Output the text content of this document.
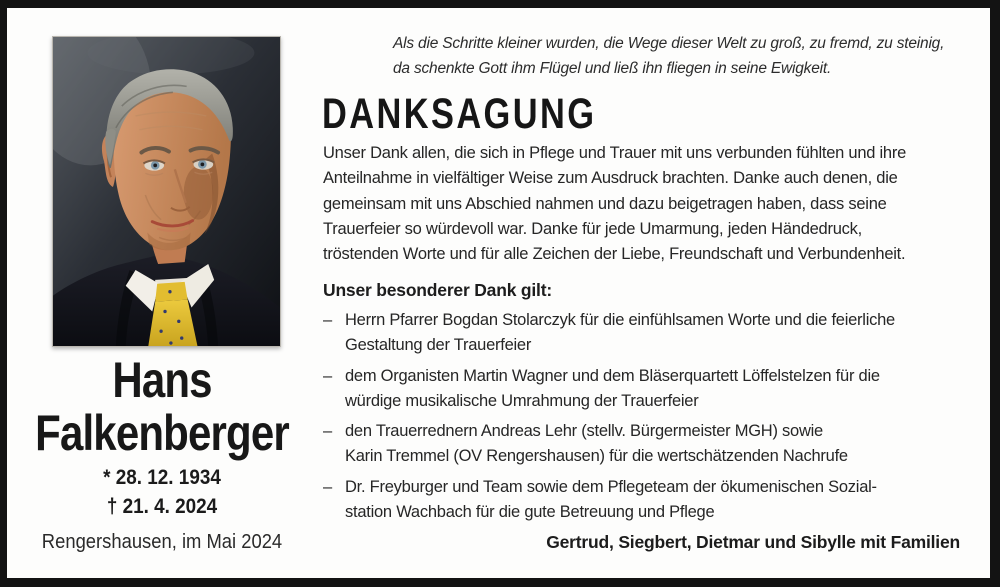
Hans
Falkenberger
* 28. 12. 1934
† 21. 4. 2024
Rengershausen, im Mai 2024
Als die Schritte kleiner wurden, die Wege dieser Welt zu groß, zu fremd, zu steinig,
da schenkte Gott ihm Flügel und ließ ihn fliegen in seine Ewigkeit.
DANKSAGUNG
Unser Dank allen, die sich in Pflege und Trauer mit uns verbunden fühlten und ihre
Anteilnahme in vielfältiger Weise zum Ausdruck brachten. Danke auch denen, die
gemeinsam mit uns Abschied nahmen und dazu beigetragen haben, dass seine
Trauerfeier so würdevoll war. Danke für jede Umarmung, jeden Händedruck,
tröstenden Worte und für alle Zeichen der Liebe, Freundschaft und Verbundenheit.
Unser besonderer Dank gilt:
– Herrn Pfarrer Bogdan Stolarczyk für die einfühlsamen Worte und die feierliche
Gestaltung der Trauerfeier
– dem Organisten Martin Wagner und dem Bläserquartett Löffelstelzen für die
würdige musikalische Umrahmung der Trauerfeier
– den Trauerrednern Andreas Lehr (stellv. Bürgermeister MGH) sowie
Karin Tremmel (OV Rengershausen) für die wertschätzenden Nachrufe
– Dr. Freyburger und Team sowie dem Pflegeteam der ökumenischen Sozial-
station Wachbach für die gute Betreuung und Pflege
Gertrud, Siegbert, Dietmar und Sibylle mit Familien
